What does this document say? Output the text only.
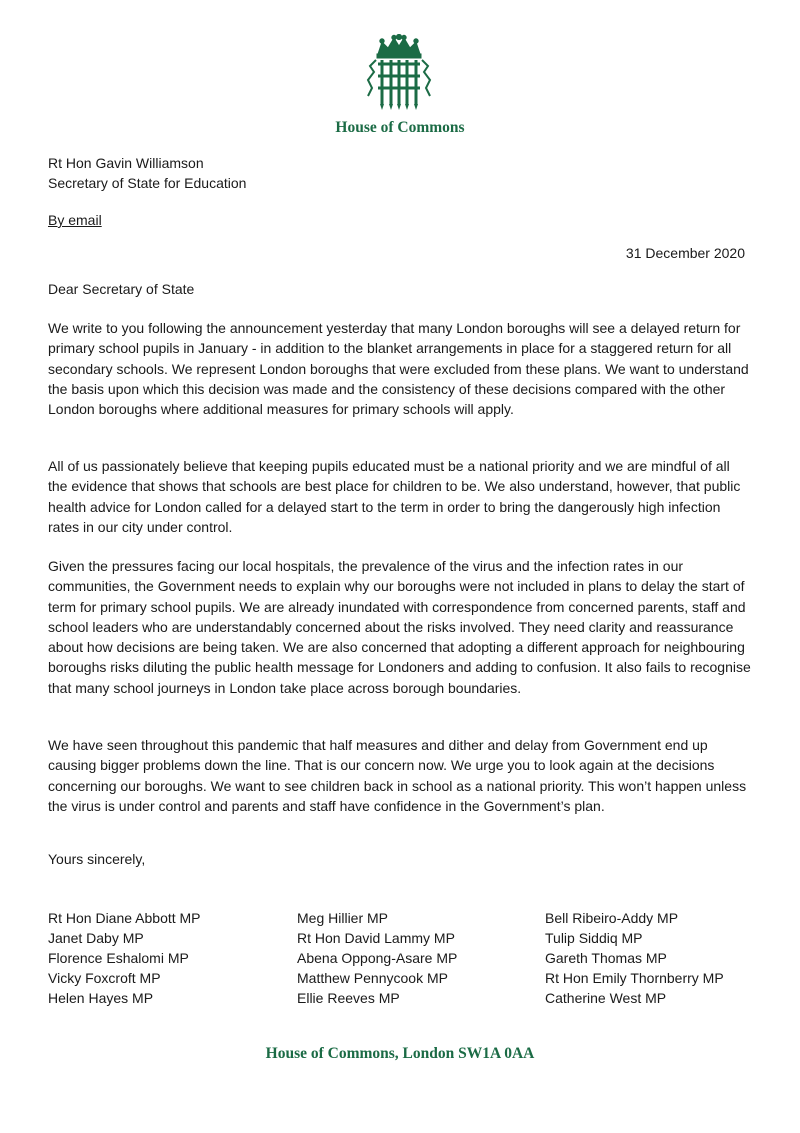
House of Commons
Rt Hon Gavin Williamson
Secretary of State for Education
By email
31 December 2020
Dear Secretary of State

We write to you following the announcement yesterday that many London boroughs will see a delayed return for primary school pupils in January - in addition to the blanket arrangements in place for a staggered return for all secondary schools. We represent London boroughs that were excluded from these plans. We want to understand the basis upon which this decision was made and the consistency of these decisions compared with the other London boroughs where additional measures for primary schools will apply.

All of us passionately believe that keeping pupils educated must be a national priority and we are mindful of all the evidence that shows that schools are best place for children to be. We also understand, however, that public health advice for London called for a delayed start to the term in order to bring the dangerously high infection rates in our city under control.

Given the pressures facing our local hospitals, the prevalence of the virus and the infection rates in our communities, the Government needs to explain why our boroughs were not included in plans to delay the start of term for primary school pupils. We are already inundated with correspondence from concerned parents, staff and school leaders who are understandably concerned about the risks involved. They need clarity and reassurance about how decisions are being taken. We are also concerned that adopting a different approach for neighbouring boroughs risks diluting the public health message for Londoners and adding to confusion. It also fails to recognise that many school journeys in London take place across borough boundaries.

We have seen throughout this pandemic that half measures and dither and delay from Government end up causing bigger problems down the line. That is our concern now. We urge you to look again at the decisions concerning our boroughs. We want to see children back in school as a national priority. This won’t happen unless the virus is under control and parents and staff have confidence in the Government’s plan.

Yours sincerely,
Rt Hon Diane Abbott MP
Janet Daby MP
Florence Eshalomi MP
Vicky Foxcroft MP
Helen Hayes MP
Meg Hillier MP
Rt Hon David Lammy MP
Abena Oppong-Asare MP
Matthew Pennycook MP
Ellie Reeves MP
Bell Ribeiro-Addy MP
Tulip Siddiq MP
Gareth Thomas MP
Rt Hon Emily Thornberry MP
Catherine West MP
House of Commons, London SW1A 0AA
